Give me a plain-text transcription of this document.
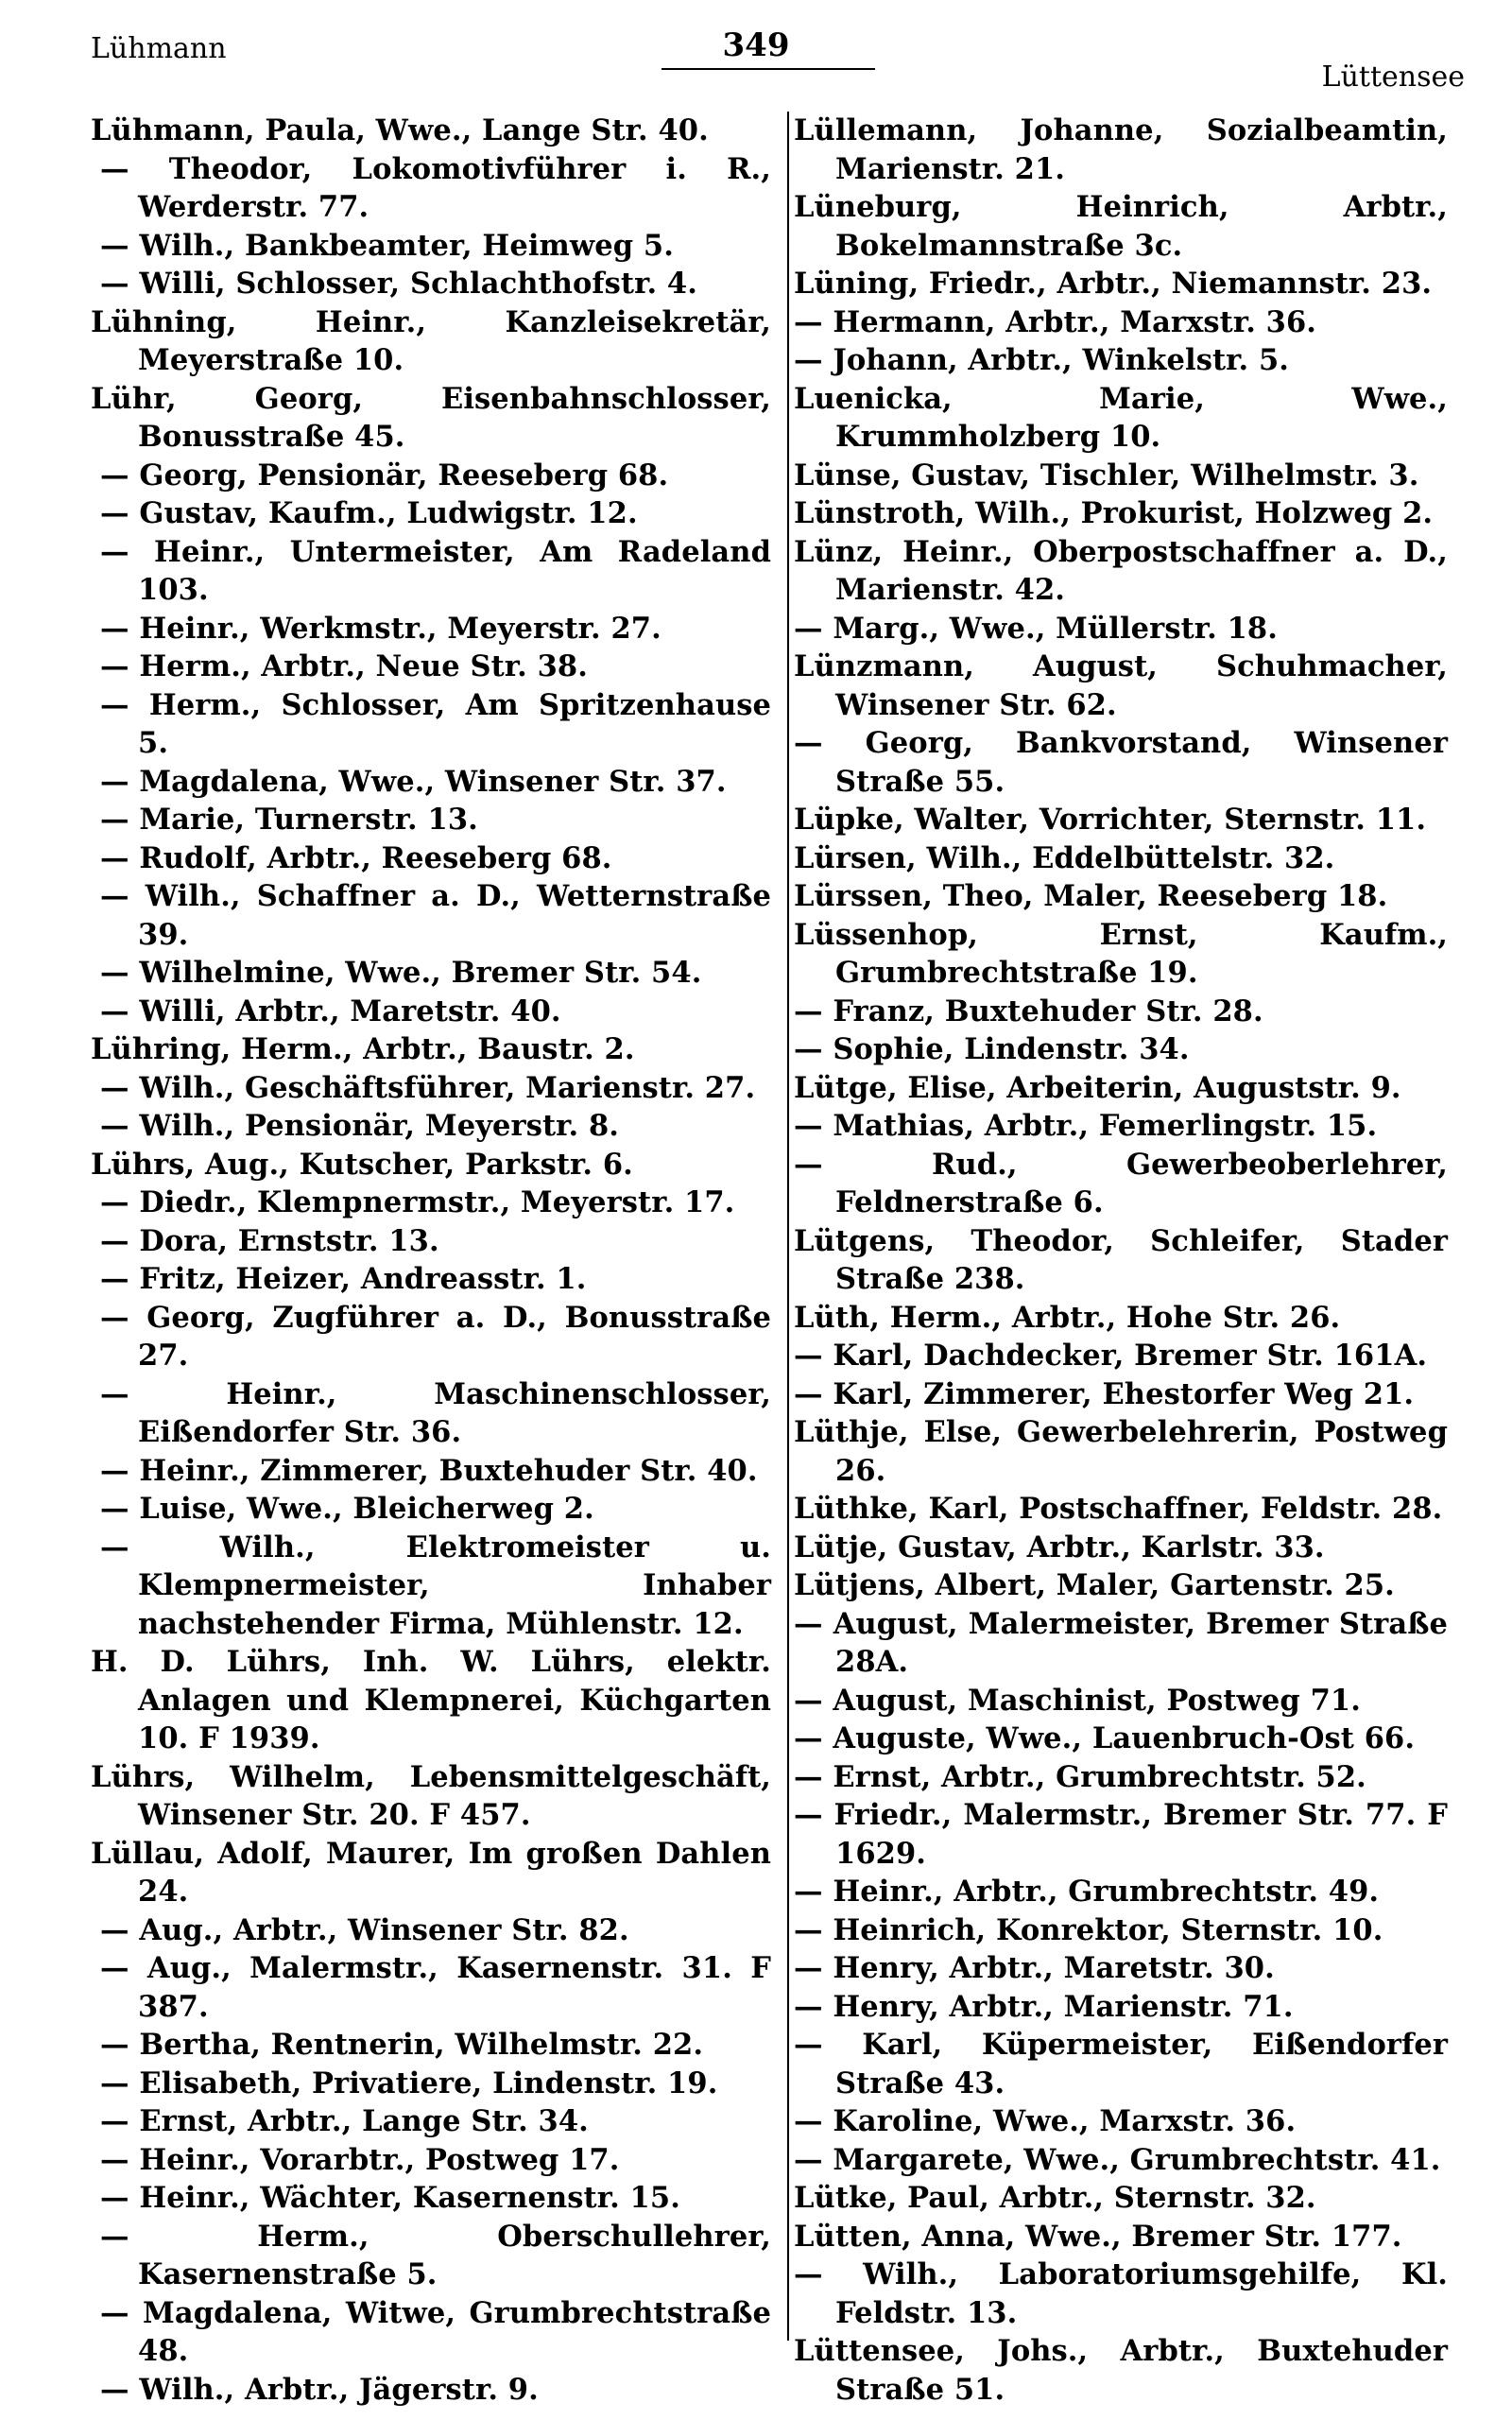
Lühmann	349
Lüttensee
Lühmann, Paula, Wwe., Lange Str. 40.
— Theodor, Lokomotivführer i. R., Werderstr. 77.
— Wilh., Bankbeamter, Heimweg 5.
— Willi, Schlosser, Schlachthofstr. 4.
Lühning, Heinr., Kanzleisekretär, Meyerstraße 10.
Lühr, Georg, Eisenbahnschlosser, Bonusstraße 45.
— Georg, Pensionär, Reeseberg 68.
— Gustav, Kaufm., Ludwigstr. 12.
— Heinr., Untermeister, Am Radeland 103.
— Heinr., Werkmstr., Meyerstr. 27.
— Herm., Arbtr., Neue Str. 38.
— Herm., Schlosser, Am Spritzenhause 5.
— Magdalena, Wwe., Winsener Str. 37.
— Marie, Turnerstr. 13.
— Rudolf, Arbtr., Reeseberg 68.
— Wilh., Schaffner a. D., Wetternstraße 39.
— Wilhelmine, Wwe., Bremer Str. 54.
— Willi, Arbtr., Maretstr. 40.
Lühring, Herm., Arbtr., Baustr. 2.
— Wilh., Geschäftsführer, Marienstr. 27.
— Wilh., Pensionär, Meyerstr. 8.
Lührs, Aug., Kutscher, Parkstr. 6.
— Diedr., Klempnermstr., Meyerstr. 17.
— Dora, Ernststr. 13.
— Fritz, Heizer, Andreasstr. 1.
— Georg, Zugführer a. D., Bonusstraße 27.
— Heinr., Maschinenschlosser, Eißendorfer Str. 36.
— Heinr., Zimmerer, Buxtehuder Str. 40.
— Luise, Wwe., Bleicherweg 2.
— Wilh., Elektromeister u. Klempnermeister, Inhaber nachstehender Firma, Mühlenstr. 12.
H. D. Lührs, Inh. W. Lührs, elektr. Anlagen und Klempnerei, Küchgarten 10. F 1939.
Lührs, Wilhelm, Lebensmittelgeschäft, Winsener Str. 20. F 457.
Lüllau, Adolf, Maurer, Im großen Dahlen 24.
— Aug., Arbtr., Winsener Str. 82.
— Aug., Malermstr., Kasernenstr. 31. F 387.
— Bertha, Rentnerin, Wilhelmstr. 22.
— Elisabeth, Privatiere, Lindenstr. 19.
— Ernst, Arbtr., Lange Str. 34.
— Heinr., Vorarbtr., Postweg 17.
— Heinr., Wächter, Kasernenstr. 15.
— Herm., Oberschullehrer, Kasernenstraße 5.
— Magdalena, Witwe, Grumbrechtstraße 48.
— Wilh., Arbtr., Jägerstr. 9.
Lüllemann, Johanne, Sozialbeamtin, Marienstr. 21.
Lüneburg, Heinrich, Arbtr., Bokelmannstraße 3c.
Lüning, Friedr., Arbtr., Niemannstr. 23.
— Hermann, Arbtr., Marxstr. 36.
— Johann, Arbtr., Winkelstr. 5.
Luenicka, Marie, Wwe., Krummholzberg 10.
Lünse, Gustav, Tischler, Wilhelmstr. 3.
Lünstroth, Wilh., Prokurist, Holzweg 2.
Lünz, Heinr., Oberpostschaffner a. D., Marienstr. 42.
— Marg., Wwe., Müllerstr. 18.
Lünzmann, August, Schuhmacher, Winsener Str. 62.
— Georg, Bankvorstand, Winsener Straße 55.
Lüpke, Walter, Vorrichter, Sternstr. 11.
Lürsen, Wilh., Eddelbüttelstr. 32.
Lürssen, Theo, Maler, Reeseberg 18.
Lüssenhop, Ernst, Kaufm., Grumbrechtstraße 19.
— Franz, Buxtehuder Str. 28.
— Sophie, Lindenstr. 34.
Lütge, Elise, Arbeiterin, Auguststr. 9.
— Mathias, Arbtr., Femerlingstr. 15.
— Rud., Gewerbeoberlehrer, Feldnerstraße 6.
Lütgens, Theodor, Schleifer, Stader Straße 238.
Lüth, Herm., Arbtr., Hohe Str. 26.
— Karl, Dachdecker, Bremer Str. 161A.
— Karl, Zimmerer, Ehestorfer Weg 21.
Lüthje, Else, Gewerbelehrerin, Postweg 26.
Lüthke, Karl, Postschaffner, Feldstr. 28.
Lütje, Gustav, Arbtr., Karlstr. 33.
Lütjens, Albert, Maler, Gartenstr. 25.
— August, Malermeister, Bremer Straße 28A.
— August, Maschinist, Postweg 71.
— Auguste, Wwe., Lauenbruch-Ost 66.
— Ernst, Arbtr., Grumbrechtstr. 52.
— Friedr., Malermstr., Bremer Str. 77. F 1629.
— Heinr., Arbtr., Grumbrechtstr. 49.
— Heinrich, Konrektor, Sternstr. 10.
— Henry, Arbtr., Maretstr. 30.
— Henry, Arbtr., Marienstr. 71.
— Karl, Küpermeister, Eißendorfer Straße 43.
— Karoline, Wwe., Marxstr. 36.
— Margarete, Wwe., Grumbrechtstr. 41.
Lütke, Paul, Arbtr., Sternstr. 32.
Lütten, Anna, Wwe., Bremer Str. 177.
— Wilh., Laboratoriumsgehilfe, Kl. Feldstr. 13.
Lüttensee, Johs., Arbtr., Buxtehuder Straße 51.
